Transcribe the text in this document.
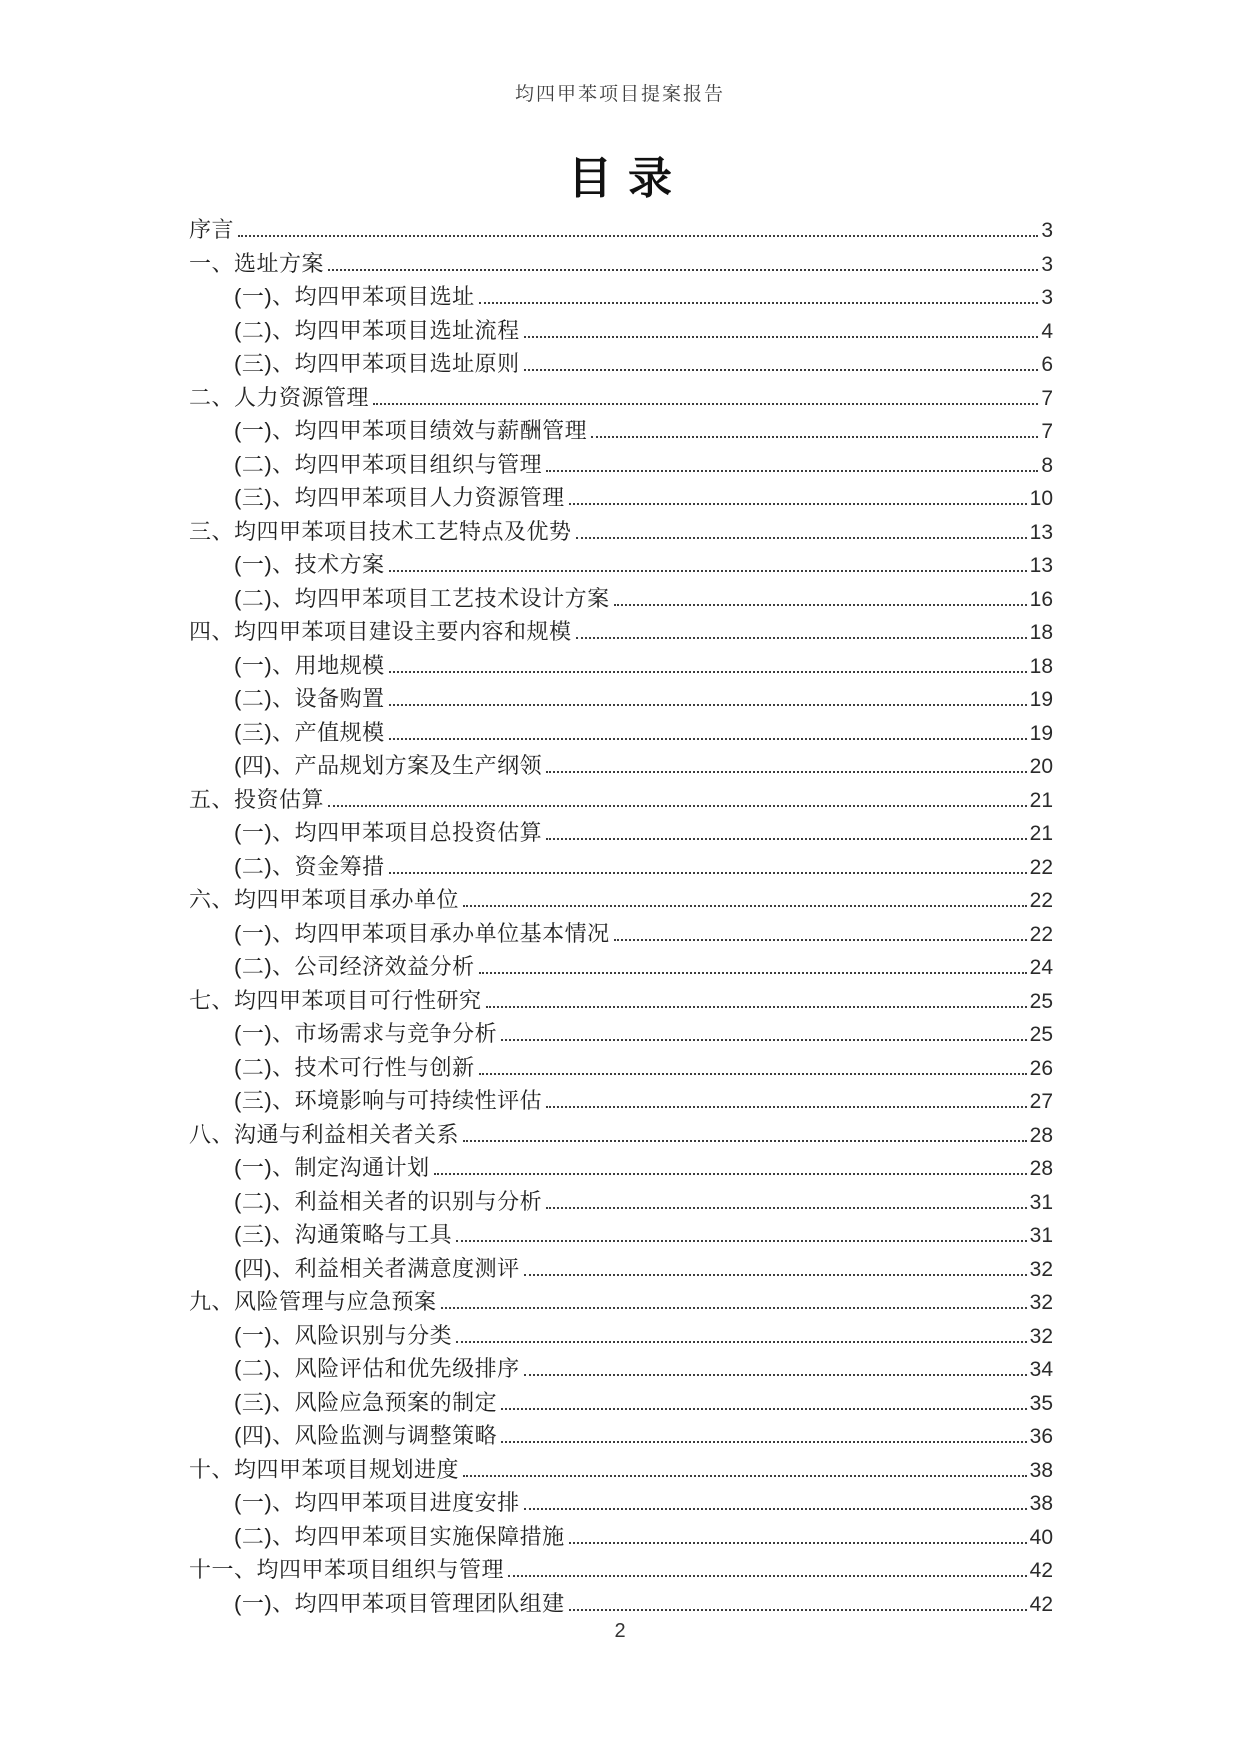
均四甲苯项目提案报告
目录
序言	3
一、选址方案	3
(一)、均四甲苯项目选址	3
(二)、均四甲苯项目选址流程	4
(三)、均四甲苯项目选址原则	6
二、人力资源管理	7
(一)、均四甲苯项目绩效与薪酬管理	7
(二)、均四甲苯项目组织与管理	8
(三)、均四甲苯项目人力资源管理	10
三、均四甲苯项目技术工艺特点及优势	13
(一)、技术方案	13
(二)、均四甲苯项目工艺技术设计方案	16
四、均四甲苯项目建设主要内容和规模	18
(一)、用地规模	18
(二)、设备购置	19
(三)、产值规模	19
(四)、产品规划方案及生产纲领	20
五、投资估算	21
(一)、均四甲苯项目总投资估算	21
(二)、资金筹措	22
六、均四甲苯项目承办单位	22
(一)、均四甲苯项目承办单位基本情况	22
(二)、公司经济效益分析	24
七、均四甲苯项目可行性研究	25
(一)、市场需求与竞争分析	25
(二)、技术可行性与创新	26
(三)、环境影响与可持续性评估	27
八、沟通与利益相关者关系	28
(一)、制定沟通计划	28
(二)、利益相关者的识别与分析	31
(三)、沟通策略与工具	31
(四)、利益相关者满意度测评	32
九、风险管理与应急预案	32
(一)、风险识别与分类	32
(二)、风险评估和优先级排序	34
(三)、风险应急预案的制定	35
(四)、风险监测与调整策略	36
十、均四甲苯项目规划进度	38
(一)、均四甲苯项目进度安排	38
(二)、均四甲苯项目实施保障措施	40
十一、均四甲苯项目组织与管理	42
(一)、均四甲苯项目管理团队组建	42
2
